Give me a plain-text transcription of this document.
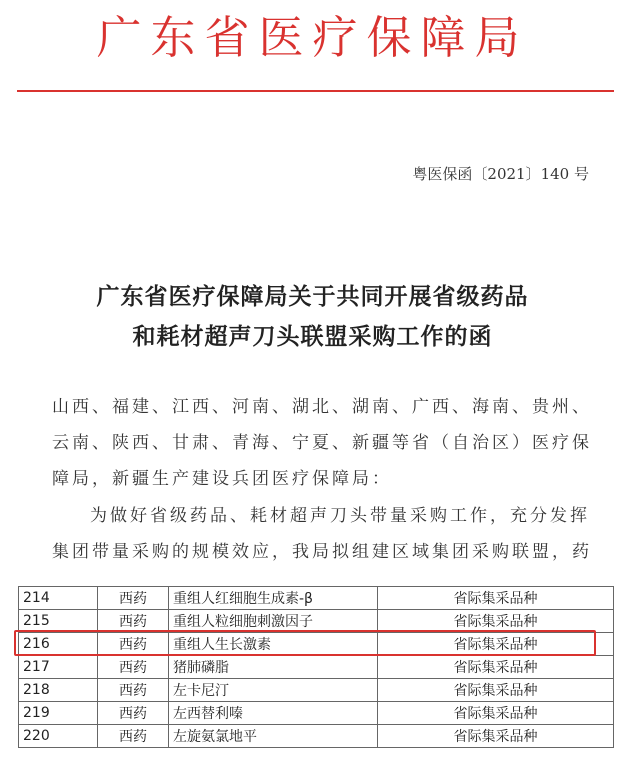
广东省医疗保障局
粤医保函〔2021〕140 号
广东省医疗保障局关于共同开展省级药品
和耗材超声刀头联盟采购工作的函
山西、福建、江西、河南、湖北、湖南、广西、海南、贵州、
云南、陕西、甘肃、青海、宁夏、新疆等省（自治区）医疗保
障局，新疆生产建设兵团医疗保障局：
为做好省级药品、耗材超声刀头带量采购工作，充分发挥
集团带量采购的规模效应，我局拟组建区域集团采购联盟，药
214	西药	重组人红细胞生成素-β	省际集采品种
215	西药	重组人粒细胞刺激因子	省际集采品种
216	西药	重组人生长激素	省际集采品种
217	西药	猪肺磷脂	省际集采品种
218	西药	左卡尼汀	省际集采品种
219	西药	左西替利嗪	省际集采品种
220	西药	左旋氨氯地平	省际集采品种
